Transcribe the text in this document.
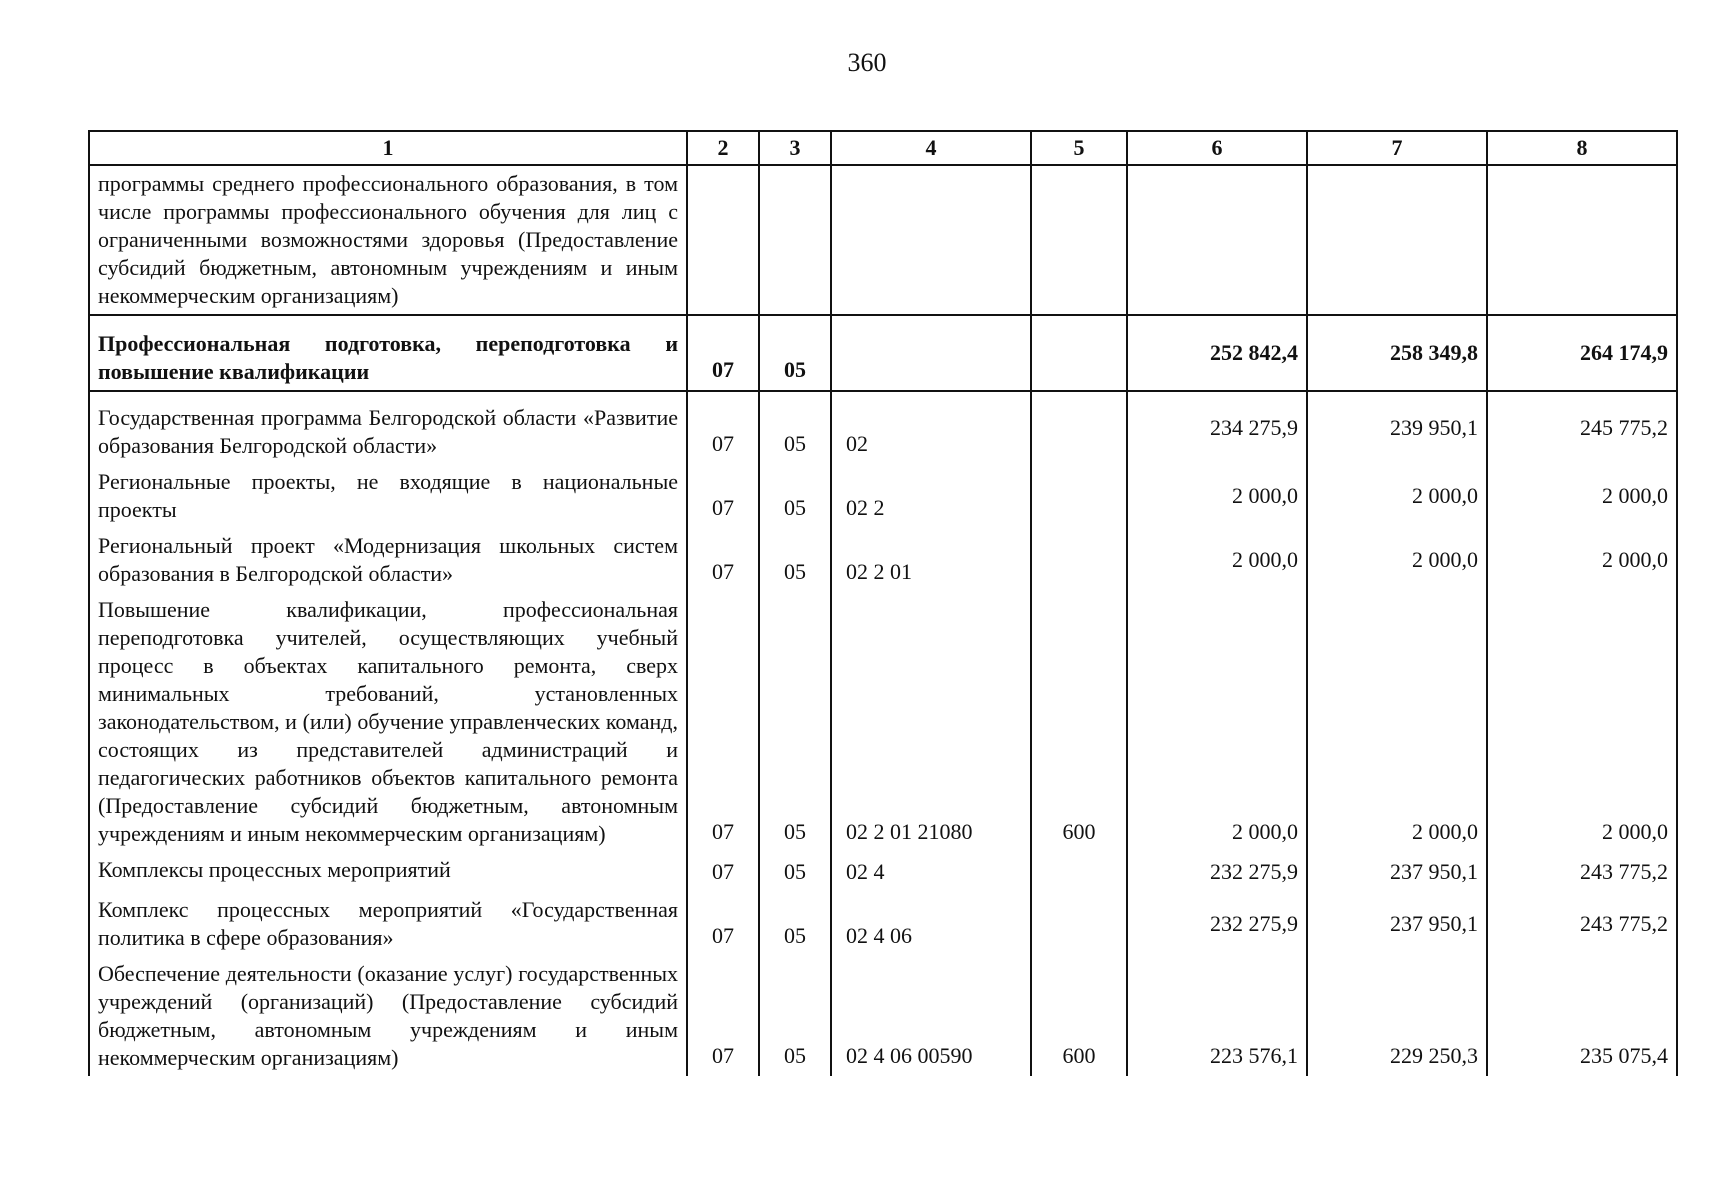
360
1	2	3	4	5	6	7	8
программы среднего профессионального образования, в том числе программы профессионального обучения для лиц с ограниченными возможностями здоровья (Предоставление субсидий бюджетным, автономным учреждениям и иным некоммерческим организациям)							
Профессиональная подготовка, переподготовка и повышение квалификации	07	05			252 842,4	258 349,8	264 174,9
Государственная программа Белгородской области «Развитие образования Белгородской области»	07	05	02		234 275,9	239 950,1	245 775,2
Региональные проекты, не входящие в национальные проекты	07	05	02 2		2 000,0	2 000,0	2 000,0
Региональный проект «Модернизация школьных систем образования в Белгородской области»	07	05	02 2 01		2 000,0	2 000,0	2 000,0
Повышение квалификации, профессиональная переподготовка учителей, осуществляющих учебный процесс в объектах капитального ремонта, сверх минимальных требований, установленных законодательством, и (или) обучение управленческих команд, состоящих из представителей администраций и педагогических работников объектов капитального ремонта (Предоставление субсидий бюджетным, автономным учреждениям и иным некоммерческим организациям)	07	05	02 2 01 21080	600	2 000,0	2 000,0	2 000,0
Комплексы процессных мероприятий	07	05	02 4		232 275,9	237 950,1	243 775,2
Комплекс процессных мероприятий «Государственная политика в сфере образования»	07	05	02 4 06		232 275,9	237 950,1	243 775,2
Обеспечение деятельности (оказание услуг) государственных учреждений (организаций) (Предоставление субсидий бюджетным, автономным учреждениям и иным некоммерческим организациям)	07	05	02 4 06 00590	600	223 576,1	229 250,3	235 075,4
